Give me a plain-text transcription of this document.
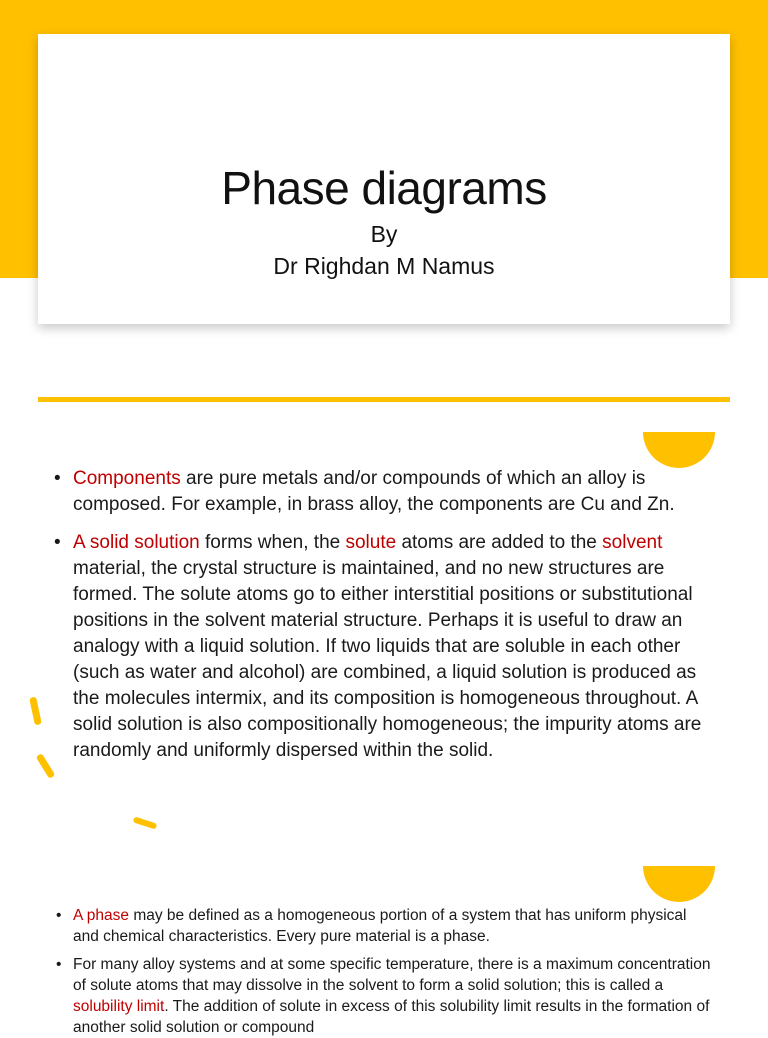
Phase diagrams
By
Dr Righdan M Namus
• Components are pure metals and/or compounds of which an alloy is composed. For example, in brass alloy, the components are Cu and Zn.
• A solid solution forms when, the solute atoms are added to the solvent material, the crystal structure is maintained, and no new structures are formed. The solute atoms go to either interstitial positions or substitutional positions in the solvent material structure. Perhaps it is useful to draw an analogy with a liquid solution. If two liquids that are soluble in each other (such as water and alcohol) are combined, a liquid solution is produced as the molecules intermix, and its composition is homogeneous throughout. A solid solution is also compositionally homogeneous; the impurity atoms are randomly and uniformly dispersed within the solid.
• A phase may be defined as a homogeneous portion of a system that has uniform physical and chemical characteristics. Every pure material is a phase.
• For many alloy systems and at some specific temperature, there is a maximum concentration of solute atoms that may dissolve in the solvent to form a solid solution; this is called a solubility limit. The addition of solute in excess of this solubility limit results in the formation of another solid solution or compound
